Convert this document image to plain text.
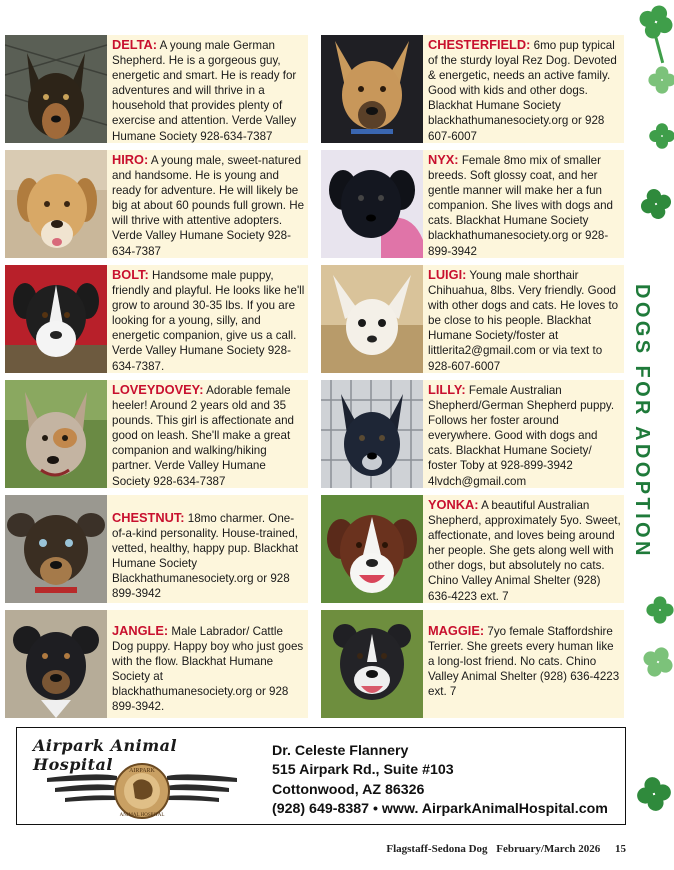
DOGS FOR ADOPTION
DELTA: A young male German Shepherd. He is a gorgeous guy, energetic and smart. He is ready for adventures and will thrive in a household that provides plenty of exercise and attention. Verde Valley Humane Society 928-634-7387
HIRO: A young male, sweet-natured and handsome. He is young and ready for adventure. He will likely be big at about 60 pounds full grown. He will thrive with attentive adopters. Verde Valley Humane Society 928-634-7387
BOLT: Handsome male puppy, friendly and playful. He looks like he'll grow to around 30-35 lbs. If you are looking for a young, silly, and energetic companion, give us a call. Verde Valley Humane Society 928-634-7387.
LOVEYDOVEY: Adorable female heeler! Around 2 years old and 35 pounds. This girl is affectionate and good on leash. She'll make a great companion and walking/hiking partner. Verde Valley Humane Society 928-634-7387
CHESTNUT: 18mo charmer. One-of-a-kind personality. House-trained, vetted, healthy, happy pup. Blackhat Humane Society Blackhathumanesociety.org or 928 899-3942
JANGLE: Male Labrador/ Cattle Dog puppy. Happy boy who just goes with the flow. Blackhat Humane Society at blackhathumanesociety.org or 928 899-3942.
CHESTERFIELD: 6mo pup typical of the sturdy loyal Rez Dog. Devoted & energetic, needs an active family. Good with kids and other dogs. Blackhat Humane Society blackhathumanesociety.org or 928 607-6007
NYX: Female 8mo mix of smaller breeds. Soft glossy coat, and her gentle manner will make her a fun companion. She lives with dogs and cats. Blackhat Humane Society blackhathumanesociety.org or 928-899-3942
LUIGI: Young male shorthair Chihuahua, 8lbs. Very friendly. Good with other dogs and cats. He loves to be close to his people. Blackhat Humane Society/foster at littlerita2@gmail.com or via text to 928-607-6007
LILLY: Female Australian Shepherd/German Shepherd puppy. Follows her foster around everywhere. Good with dogs and cats. Blackhat Humane Society/ foster Toby at 928-899-3942 4lvdch@gmail.com
YONKA: A beautiful Australian Shepherd, approximately 5yo. Sweet, affectionate, and loves being around her people. She gets along well with other dogs, but absolutely no cats. Chino Valley Animal Shelter (928) 636-4223 ext. 7
MAGGIE: 7yo female Staffordshire Terrier. She greets every human like a long-lost friend. No cats. Chino Valley Animal Shelter (928) 636-4223 ext. 7
Airpark Animal Hospital	AIRPARK
ANIMAL HOSPITAL
Dr. Celeste Flannery
515 Airpark Rd., Suite #103
Cottonwood, AZ 86326
(928) 649-8387 • www. AirparkAnimalHospital.com
Flagstaff-Sedona Dog February/March 2026 15
